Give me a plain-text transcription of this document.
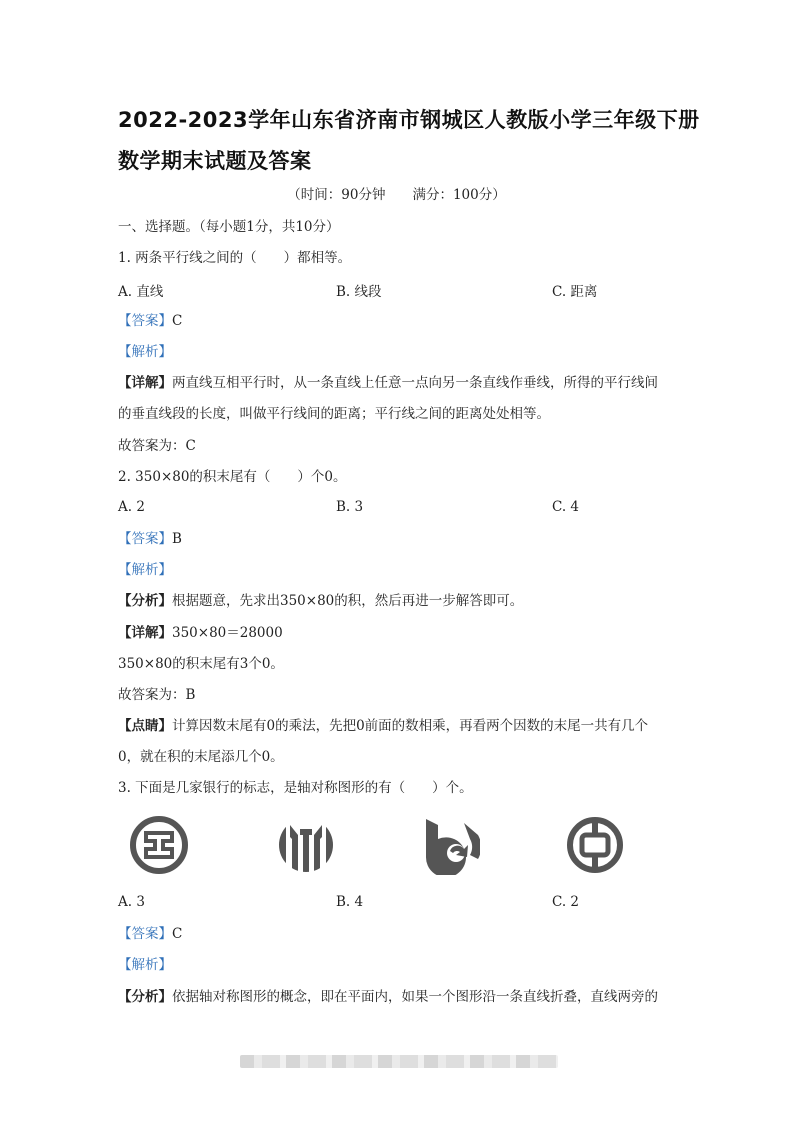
2022-2023学年山东省济南市钢城区人教版小学三年级下册
数学期末试题及答案
（时间：90分钟　　满分：100分）
一、选择题。（每小题1分，共10分）
1. 两条平行线之间的（　　）都相等。
A. 直线	B. 线段	C. 距离
【答案】C
【解析】
【详解】两直线互相平行时，从一条直线上任意一点向另一条直线作垂线，所得的平行线间
的垂直线段的长度，叫做平行线间的距离；平行线之间的距离处处相等。
故答案为：C
2. 350×80的积末尾有（　　）个0。
A. 2	B. 3	C. 4
【答案】B
【解析】
【分析】根据题意，先求出350×80的积，然后再进一步解答即可。
【详解】350×80＝28000
350×80的积末尾有3个0。
故答案为：B
【点睛】计算因数末尾有0的乘法，先把0前面的数相乘，再看两个因数的末尾一共有几个
0，就在积的末尾添几个0。
3. 下面是几家银行的标志，是轴对称图形的有（　　）个。
A. 3	B. 4	C. 2
【答案】C
【解析】
【分析】依据轴对称图形的概念，即在平面内，如果一个图形沿一条直线折叠，直线两旁的
